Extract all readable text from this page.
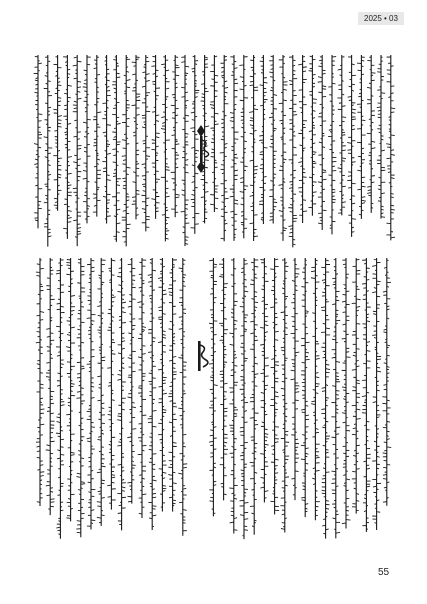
2025 • 03
55
